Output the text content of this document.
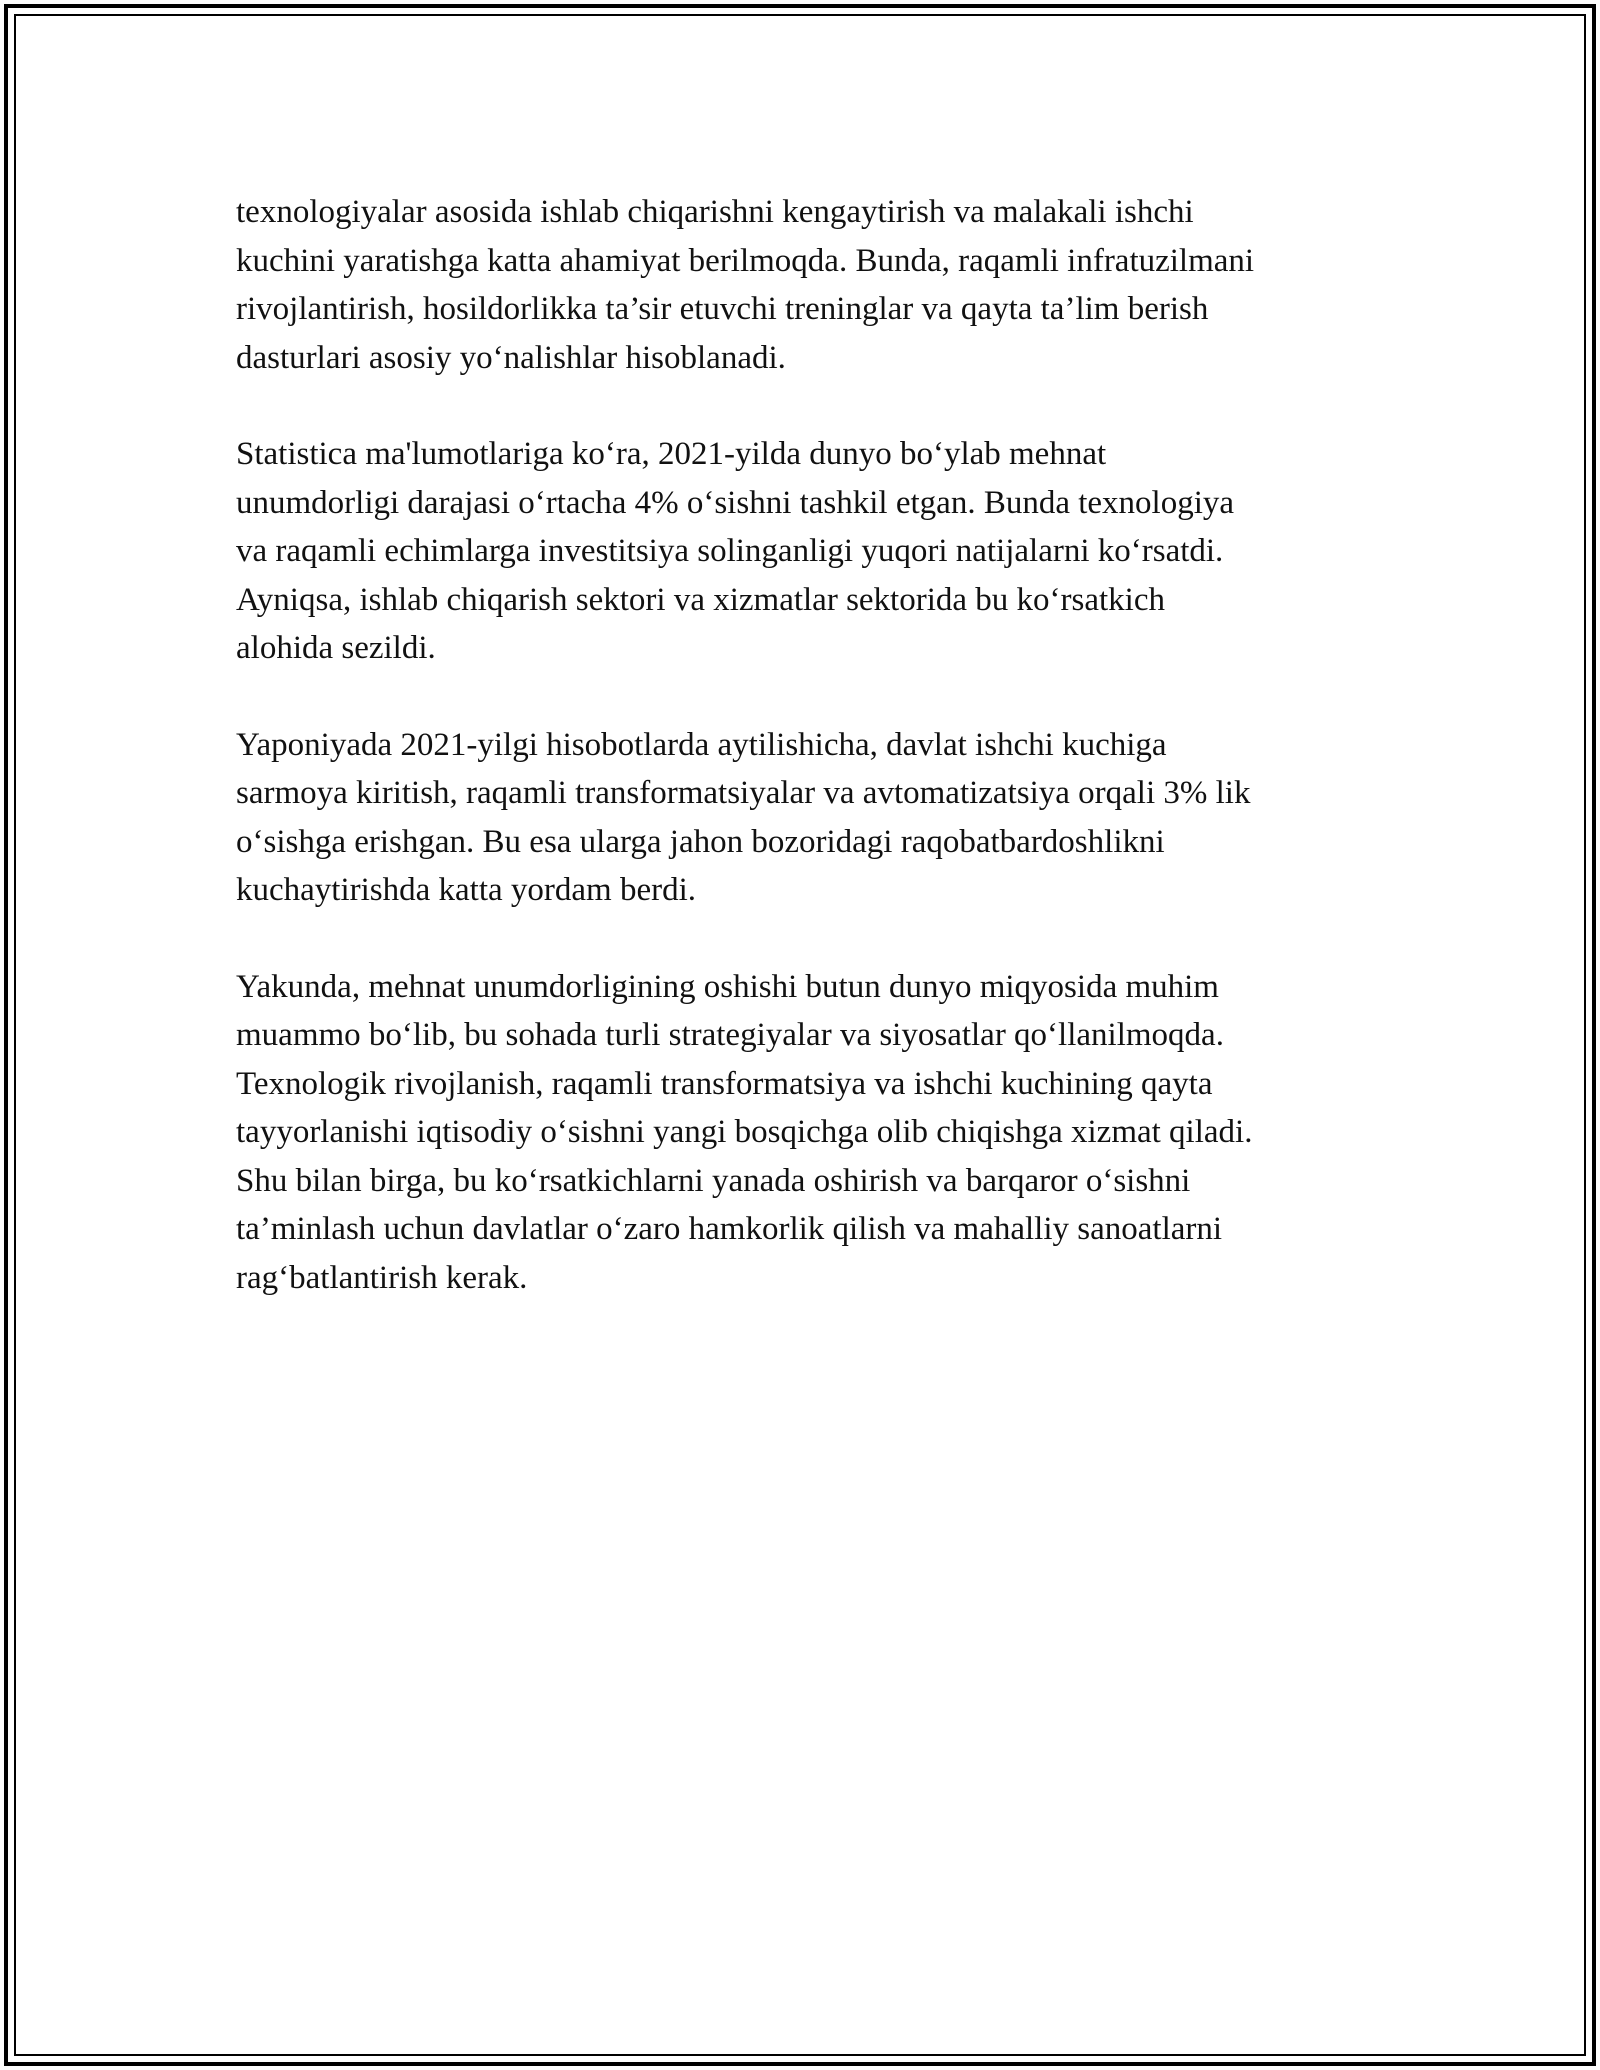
texnologiyalar asosida ishlab chiqarishni kengaytirish va malakali ishchi
kuchini yaratishga katta ahamiyat berilmoqda. Bunda, raqamli infratuzilmani
rivojlantirish, hosildorlikka ta’sir etuvchi treninglar va qayta ta’lim berish
dasturlari asosiy yo‘nalishlar hisoblanadi.

Statistica ma'lumotlariga ko‘ra, 2021-yilda dunyo bo‘ylab mehnat
unumdorligi darajasi o‘rtacha 4% o‘sishni tashkil etgan. Bunda texnologiya
va raqamli echimlarga investitsiya solinganligi yuqori natijalarni ko‘rsatdi.
Ayniqsa, ishlab chiqarish sektori va xizmatlar sektorida bu ko‘rsatkich
alohida sezildi.

Yaponiyada 2021-yilgi hisobotlarda aytilishicha, davlat ishchi kuchiga
sarmoya kiritish, raqamli transformatsiyalar va avtomatizatsiya orqali 3% lik
o‘sishga erishgan. Bu esa ularga jahon bozoridagi raqobatbardoshlikni
kuchaytirishda katta yordam berdi.

Yakunda, mehnat unumdorligining oshishi butun dunyo miqyosida muhim
muammo bo‘lib, bu sohada turli strategiyalar va siyosatlar qo‘llanilmoqda.
Texnologik rivojlanish, raqamli transformatsiya va ishchi kuchining qayta
tayyorlanishi iqtisodiy o‘sishni yangi bosqichga olib chiqishga xizmat qiladi.
Shu bilan birga, bu ko‘rsatkichlarni yanada oshirish va barqaror o‘sishni
ta’minlash uchun davlatlar o‘zaro hamkorlik qilish va mahalliy sanoatlarni
rag‘batlantirish kerak.
